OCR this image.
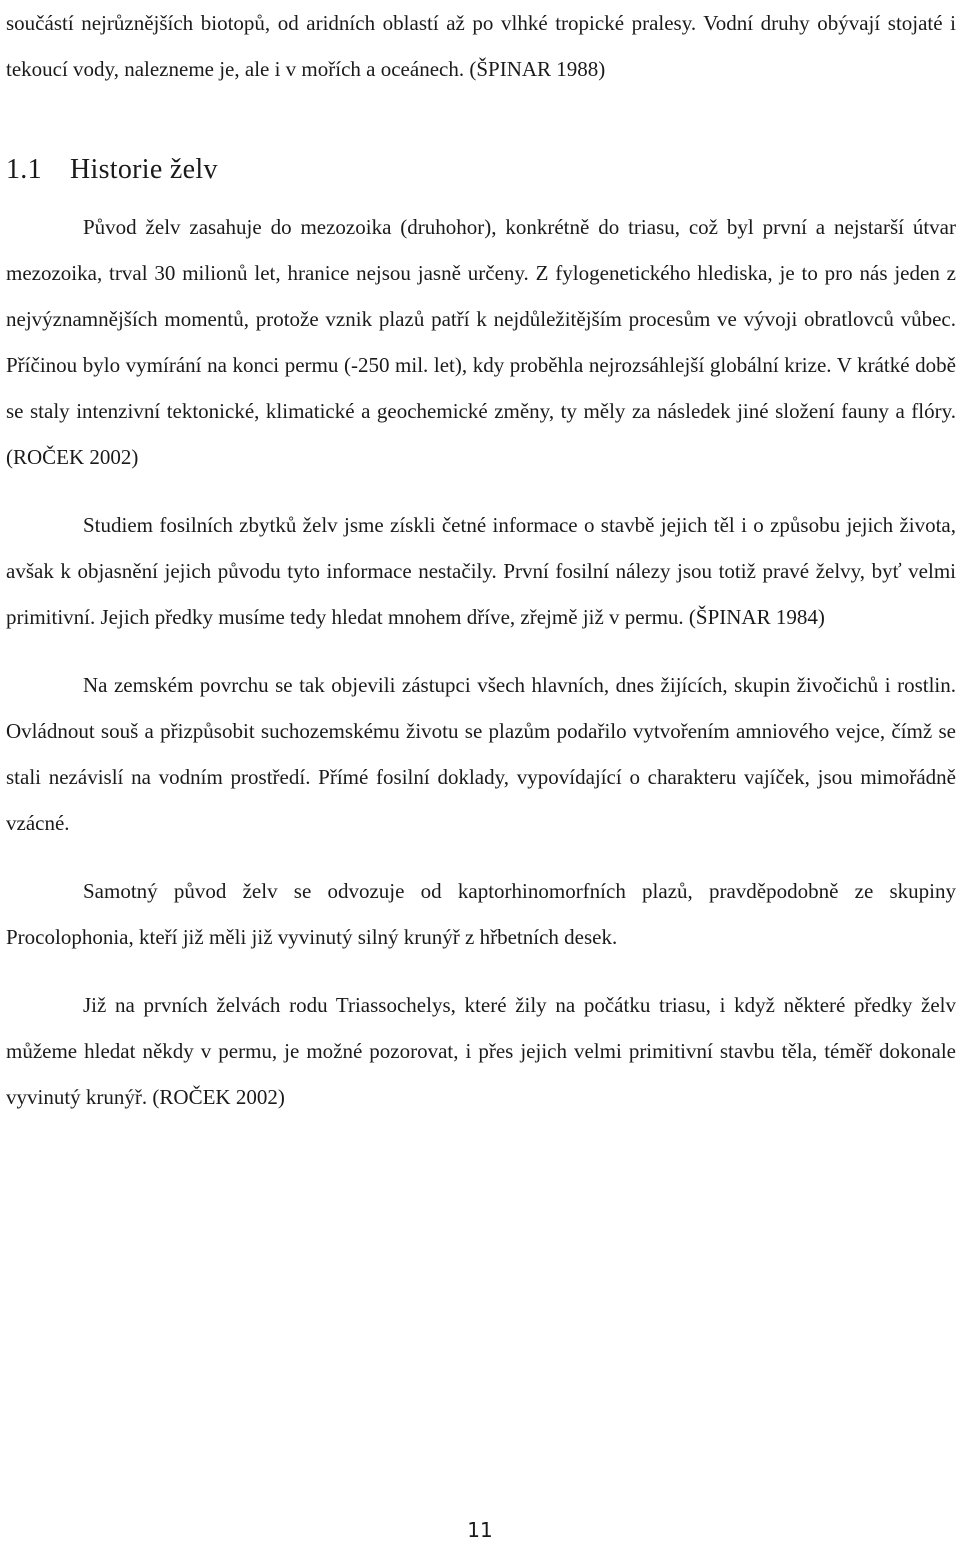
součástí nejrůznějších biotopů, od aridních oblastí až po vlhké tropické pralesy. Vodní druhy obývají stojaté i tekoucí vody, nalezneme je, ale i v mořích a oceánech. (ŠPINAR 1988)

1.1 Historie želv

Původ želv zasahuje do mezozoika (druhohor), konkrétně do triasu, což byl první a nejstarší útvar mezozoika, trval 30 milionů let, hranice nejsou jasně určeny. Z fylogenetického hlediska, je to pro nás jeden z nejvýznamnějších momentů, protože vznik plazů patří k nejdůležitějším procesům ve vývoji obratlovců vůbec. Příčinou bylo vymírání na konci permu (-250 mil. let), kdy proběhla nejrozsáhlejší globální krize. V krátké době se staly intenzivní tektonické, klimatické a geochemické změny, ty měly za následek jiné složení fauny a flóry. (ROČEK 2002)

Studiem fosilních zbytků želv jsme získli četné informace o stavbě jejich těl i o způsobu jejich života, avšak k objasnění jejich původu tyto informace nestačily. První fosilní nálezy jsou totiž pravé želvy, byť velmi primitivní. Jejich předky musíme tedy hledat mnohem dříve, zřejmě již v permu. (ŠPINAR 1984)

Na zemském povrchu se tak objevili zástupci všech hlavních, dnes žijících, skupin živočichů i rostlin. Ovládnout souš a přizpůsobit suchozemskému životu se plazům podařilo vytvořením amniového vejce, čímž se stali nezávislí na vodním prostředí. Přímé fosilní doklady, vypovídající o charakteru vajíček, jsou mimořádně vzácné.

Samotný původ želv se odvozuje od kaptorhinomorfních plazů, pravděpodobně ze skupiny Procolophonia, kteří již měli již vyvinutý silný krunýř z hřbetních desek.

Již na prvních želvách rodu Triassochelys, které žily na počátku triasu, i když některé předky želv můžeme hledat někdy v permu, je možné pozorovat, i přes jejich velmi primitivní stavbu těla, téměř dokonale vyvinutý krunýř. (ROČEK 2002)

11
